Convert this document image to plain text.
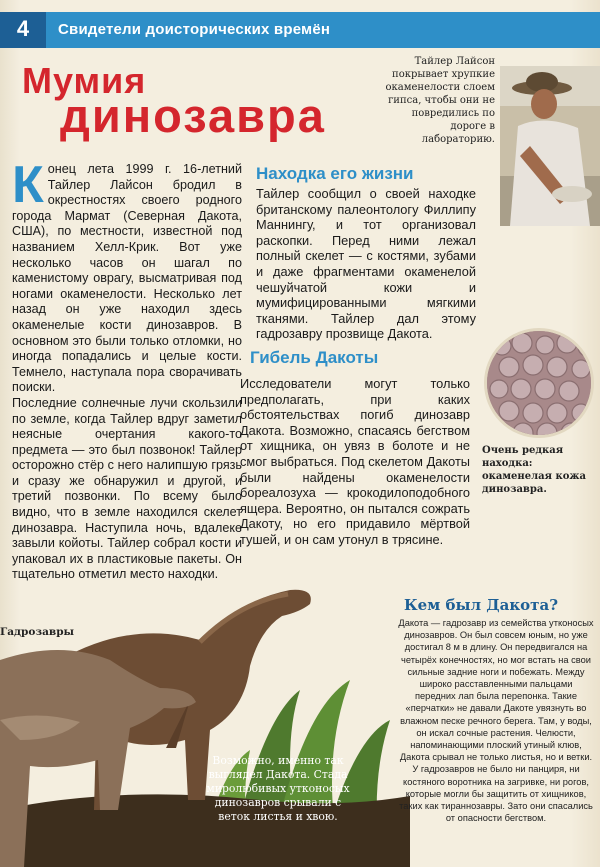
4	Свидетели доисторических времён
Мумия
динозавра
Тайлер Лайсон покрывает хрупкие окаменелости слоем гипса, чтобы они не повредились по дороге в лабораторию.

Конец лета 1999 г. 16-летний Тайлер Лайсон бродил в окрестностях своего родного города Мармат (Северная Дакота, США), по местности, известной под названием Хелл-Крик. Вот уже несколько часов он шагал по каменистому оврагу, высматривая под ногами окаменелости. Несколько лет назад он уже находил здесь окаменелые кости динозавров. В основном это были только отломки, но иногда попадались и целые кости. Темнело, наступала пора сворачивать поиски.

Последние солнечные лучи скользили по земле, когда Тайлер вдруг заметил неясные очертания какого-то предмета — это был позвонок! Тайлер осторожно стёр с него налипшую грязь и сразу же обнаружил и другой, и третий позвонки. По всему было видно, что в земле находился скелет динозавра. Наступила ночь, вдалеке завыли койоты. Тайлер собрал кости и упаковал их в пластиковые пакеты. Он тщательно отметил место находки.

Находка его жизни
Тайлер сообщил о своей находке британскому палеонтологу Филлипу Маннингу, и тот организовал раскопки. Перед ними лежал полный скелет — с костями, зубами и даже фрагментами окаменелой чешуйчатой кожи и мумифицированными мягкими тканями. Тайлер дал этому гадрозавру прозвище Дакота.
Гибель Дакоты
Исследователи могут только предполагать, при каких обстоятельствах погиб динозавр Дакота. Возможно, спасаясь бегством от хищника, он увяз в болоте и не смог выбраться. Под скелетом Дакоты были найдены окаменелости бореалозуха — крокодилоподобного ящера. Вероятно, он пытался сожрать Дакоту, но его придавило мёртвой тушей, и он сам утонул в трясине.
Очень редкая находка: окаменелая кожа динозавра.
Гадрозавры
Возможно, именно так выглядел Дакота. Стада миролюбивых утконосых динозавров срывали с веток листья и хвою.
Кем был Дакота?
Дакота — гадрозавр из семейства утконосых динозавров. Он был совсем юным, но уже достигал 8 м в длину. Он передвигался на четырёх конечностях, но мог встать на свои сильные задние ноги и побежать. Между широко расставленными пальцами передних лап была перепонка. Такие «перчатки» не давали Дакоте увязнуть во влажном песке речного берега. Там, у воды, он искал сочные растения. Челюсти, напоминающими плоский утиный клюв, Дакота срывал не только листья, но и ветки. У гадрозавров не было ни панциря, ни костяного воротника на загривке, ни рогов, которые могли бы защитить от хищников, таких как тираннозавры. Зато они спасались от опасности бегством.
